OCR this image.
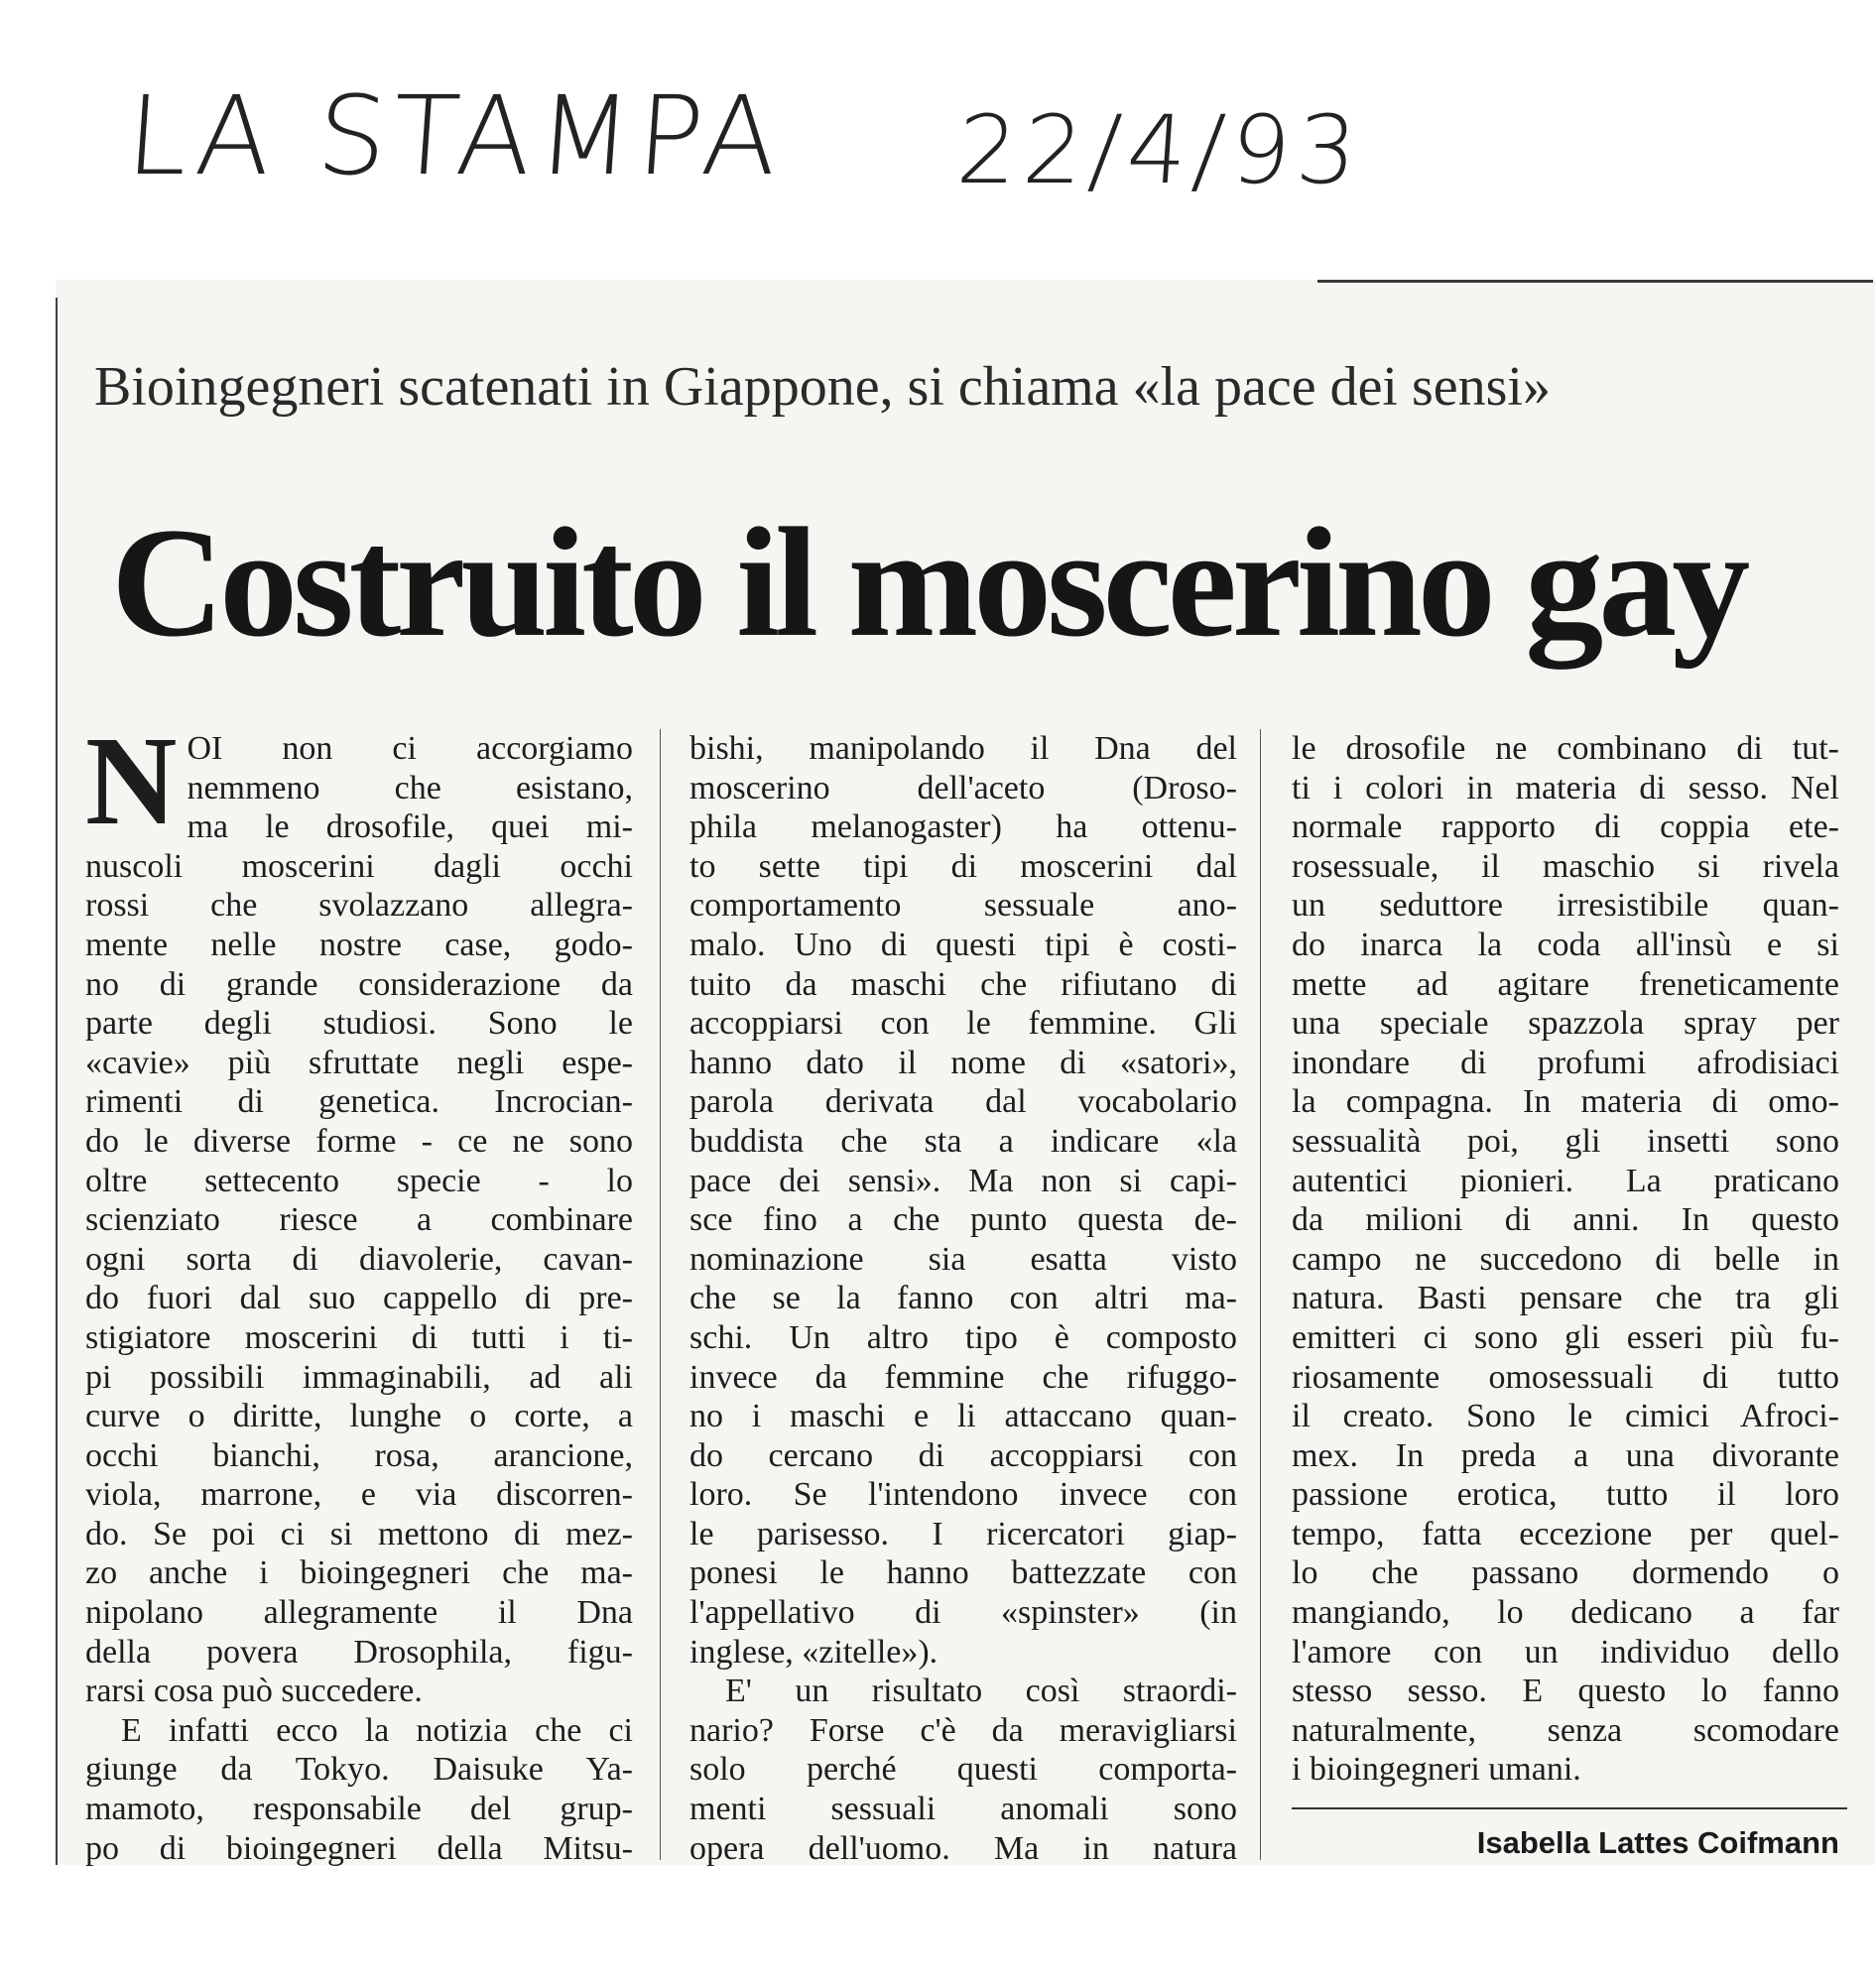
LA STAMPA 22/4/93
Bioingegneri scatenati in Giappone, si chiama «la pace dei sensi»
Costruito il moscerino gay
N OI non ci accorgiamo
nemmeno che esistano,
ma le drosofile, quei mi-
nuscoli moscerini dagli occhi
rossi che svolazzano allegra-
mente nelle nostre case, godo-
no di grande considerazione da
parte degli studiosi. Sono le
«cavie» più sfruttate negli espe-
rimenti di genetica. Incrocian-
do le diverse forme - ce ne sono
oltre settecento specie - lo
scienziato riesce a combinare
ogni sorta di diavolerie, cavan-
do fuori dal suo cappello di pre-
stigiatore moscerini di tutti i ti-
pi possibili immaginabili, ad ali
curve o diritte, lunghe o corte, a
occhi bianchi, rosa, arancione,
viola, marrone, e via discorren-
do. Se poi ci si mettono di mez-
zo anche i bioingegneri che ma-
nipolano allegramente il Dna
della povera Drosophila, figu-
rarsi cosa può succedere.
E infatti ecco la notizia che ci
giunge da Tokyo. Daisuke Ya-
mamoto, responsabile del grup-
po di bioingegneri della Mitsu-
bishi, manipolando il Dna del
moscerino dell'aceto (Droso-
phila melanogaster) ha ottenu-
to sette tipi di moscerini dal
comportamento sessuale ano-
malo. Uno di questi tipi è costi-
tuito da maschi che rifiutano di
accoppiarsi con le femmine. Gli
hanno dato il nome di «satori»,
parola derivata dal vocabolario
buddista che sta a indicare «la
pace dei sensi». Ma non si capi-
sce fino a che punto questa de-
nominazione sia esatta visto
che se la fanno con altri ma-
schi. Un altro tipo è composto
invece da femmine che rifuggo-
no i maschi e li attaccano quan-
do cercano di accoppiarsi con
loro. Se l'intendono invece con
le parisesso. I ricercatori giap-
ponesi le hanno battezzate con
l'appellativo di «spinster» (in
inglese, «zitelle»).
E' un risultato così straordi-
nario? Forse c'è da meravigliarsi
solo perché questi comporta-
menti sessuali anomali sono
opera dell'uomo. Ma in natura
le drosofile ne combinano di tut-
ti i colori in materia di sesso. Nel
normale rapporto di coppia ete-
rosessuale, il maschio si rivela
un seduttore irresistibile quan-
do inarca la coda all'insù e si
mette ad agitare freneticamente
una speciale spazzola spray per
inondare di profumi afrodisiaci
la compagna. In materia di omo-
sessualità poi, gli insetti sono
autentici pionieri. La praticano
da milioni di anni. In questo
campo ne succedono di belle in
natura. Basti pensare che tra gli
emitteri ci sono gli esseri più fu-
riosamente omosessuali di tutto
il creato. Sono le cimici Afroci-
mex. In preda a una divorante
passione erotica, tutto il loro
tempo, fatta eccezione per quel-
lo che passano dormendo o
mangiando, lo dedicano a far
l'amore con un individuo dello
stesso sesso. E questo lo fanno
naturalmente, senza scomodare
i bioingegneri umani.
Isabella Lattes Coifmann
